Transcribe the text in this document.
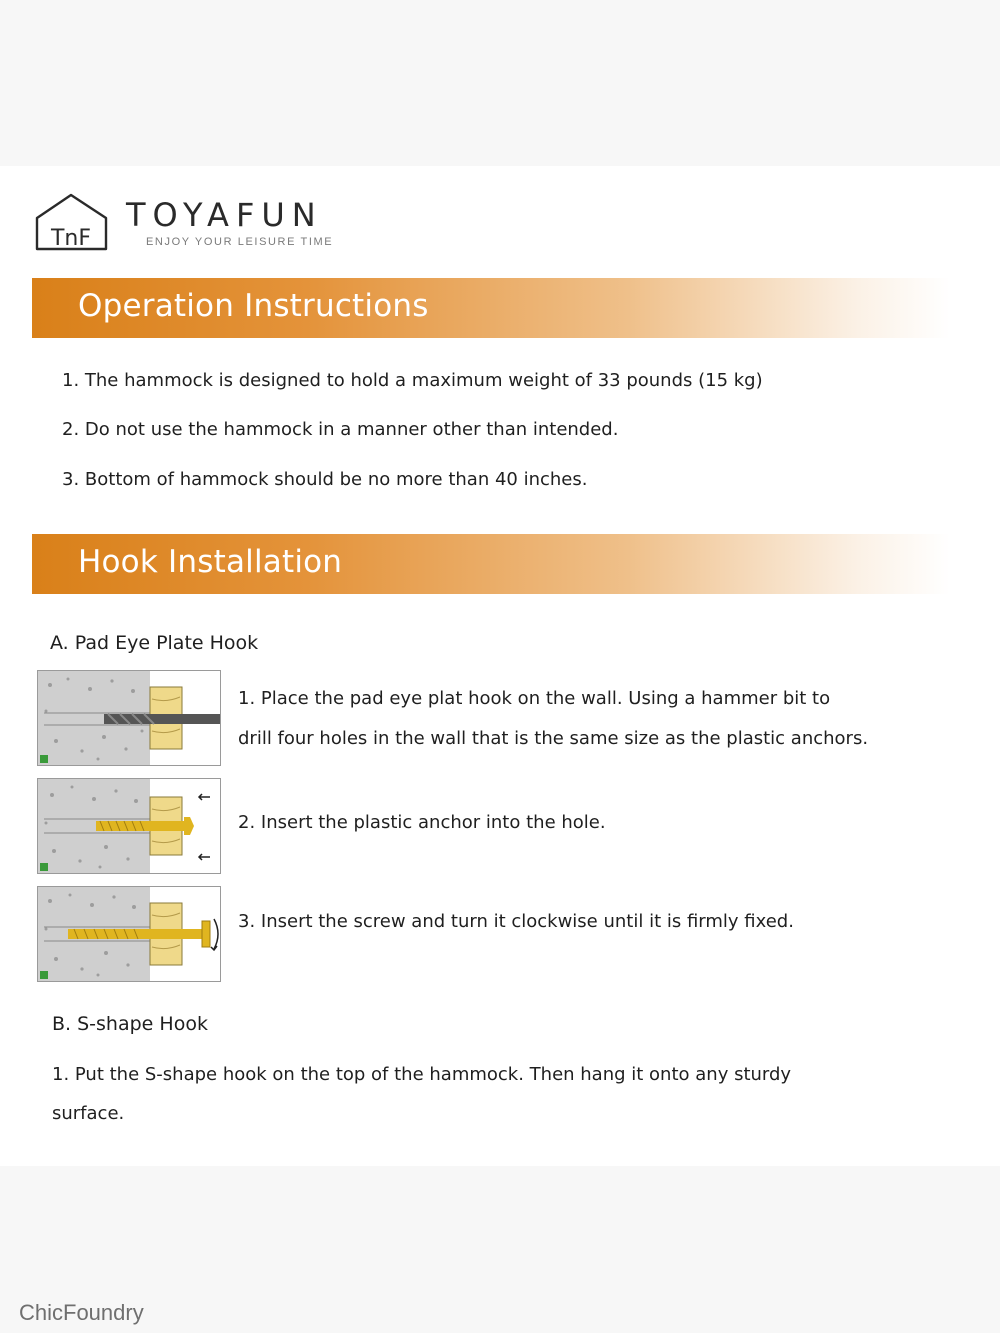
TnF
TOYAFUN
ENJOY YOUR LEISURE TIME
Operation Instructions
1. The hammock is designed to hold a maximum weight of 33 pounds (15 kg)
2. Do not use the hammock in a manner other than intended.
3. Bottom of hammock should be no more than 40 inches.
Hook Installation
A. Pad Eye Plate Hook
1. Place the pad eye plat hook on the wall. Using a hammer bit to
drill four holes in the wall that is the same size as the plastic anchors.
2. Insert the plastic anchor into the hole.
3. Insert the screw and turn it clockwise until it is firmly fixed.
B. S-shape Hook
1. Put the S-shape hook on the top of the hammock. Then hang it onto any sturdy
surface.
ChicFoundry
